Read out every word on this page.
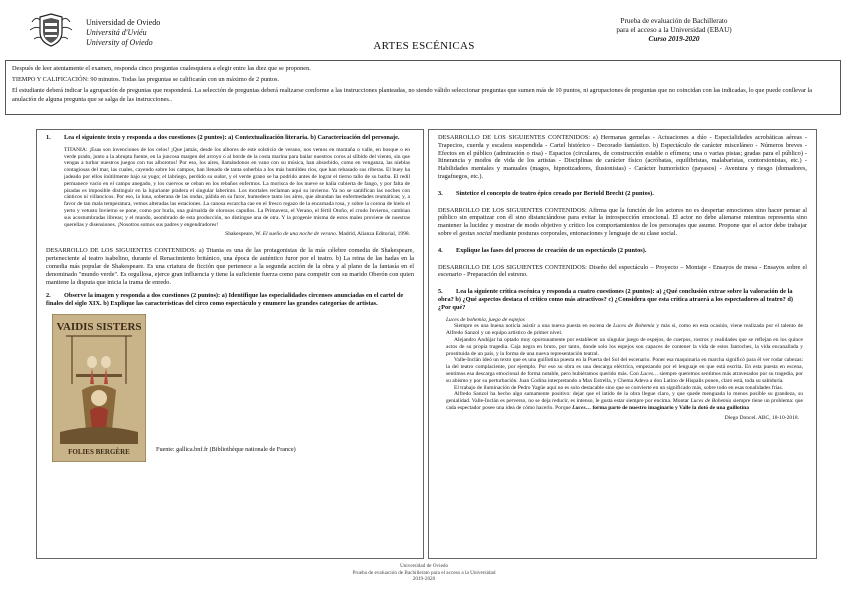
Universidad de Oviedo
Universitá d'Uviéu
University of Oviedo	ARTES ESCÉNICAS
Prueba de evaluación de Bachillerato
para el acceso a la Universidad (EBAU)
Curso 2019-2020

Después de leer atentamente el examen, responda cinco preguntas cualesquiera a elegir entre las diez que se proponen.

TIEMPO Y CALIFICACIÓN: 90 minutos. Todas las preguntas se calificarán con un máximo de 2 puntos.

El estudiante deberá indicar la agrupación de preguntas que responderá. La selección de preguntas deberá realizarse conforme a las instrucciones planteadas, no siendo válido seleccionar preguntas que sumen más de 10 puntos, ni agrupaciones de preguntas que no coincidan con las indicadas, lo que puede conllevar la anulación de alguna pregunta que se salga de las instrucciones..

1. Lea el siguiente texto y responda a dos cuestiones (2 puntos): a) Contextualización literaria. b) Caracterización del personaje.
TITANIA: ¡Esas son invenciones de los celos! ¡Que jamás, desde los albores de este solsticio de verano, nos vemos en montaña o valle, en bosque o en verde prado, junto a la abrupta fuente, en la juncosa margen del arroyo o al borde de la costa marina para bailar nuestros coros al silbido del viento, sin que vengas a turbar nuestros juegos con tus alborotos! Por eso, los aires, llamándonos en vano con su música, han absorbido, como en venganza, las nieblas contagiosas del mar, las cuales, cayendo sobre los campos, han llenado de tanta soberbia a los más humildes ríos, que han rebasado sus riberas. El buey ha jadeado por ellos inútilmente bajo su yugo; el labriego, perdido su sudor, y el verde grano se ha podrido antes de lograr el tierno tallo de su barba. El redil permanece vacío en el campo anegado, y los cuervos se ceban en los rebaños enfermos. La morisca de los nueve se halla cubierta de fango, y por falta de pisadas es imposible distinguir en la lujuriante pradera el singular laberinto. Los mortales reclaman aquí su invierno. Ya no se santifican las noches con cánticos ni villancicos. Por eso, la luna, soberana de las ondas, pálida en su furor, humedece tanto los aires, que abundan las enfermedades reumáticas; y, a favor de tan mala temperatura, vemos alteradas las estaciones. La canosa escarcha cae en el fresco regazo de la encarnada rosa, y sobre la corona de hielo el yerto y vetusto Invierno se pone, como por burla, una guirnalda de olorosos capullos. La Primavera, el Verano, el fértil Otoño, el crudo Invierno, cambian sus acostumbradas libreas; y el mundo, asombrado de esta producción, no distingue ana de otra. Y la progenie misma de estos males proviene de nuestras querellas y disensiones. ¡Nosotros somos sus padres y engendradores!
Shakespeare, W. El sueño de una noche de verano. Madrid, Alianza Editorial, 1998.
DESARROLLO DE LOS SIGUIENTES CONTENIDOS: a) Titania es una de las protagonistas de la más célebre comedia de Shakespeare, perteneciente al teatro isabelino, durante el Renacimiento británico, una época de auténtico furor por el teatro. b) La reina de las hadas en la comedia más popular de Shakespeare. Es una criatura de ficción que pertenece a la segunda acción de la obra y al plano de la fantasía en el denominado "mundo verde". Es orgullosa, ejerce gran influencia y tiene la suficiente fuerza como para competir con su marido Oberón con quien mantiene la disputa que inicia la trama de enredo.
2. Observe la imagen y responda a dos cuestiones (2 puntos): a) Identifique las especialidades circenses anunciadas en el cartel de finales del siglo XIX. b) Explique las características del circo como espectáculo y enumere las grandes categorías de artistas.
VAIDIS SISTERS
FOLIES BERGÈRE	Fuente: gallica.bnf.fr (Bibliothèque nationale de France)
DESARROLLO DE LOS SIGUIENTES CONTENIDOS: a) Hermanas gemelas - Actuaciones a dúo - Especialidades acrobáticas aéreas - Trapecios, cuerda y escalera suspendida - Cartel histórico - Decorado fantástico. b) Espectáculo de carácter misceláneo - Números breves - Efectos en el público (admiración o risa) - Espacios (circulares, de construcción estable o efímera; una o varias pistas; gradas para el público) - Itinerancia y modos de vida de los artistas - Disciplinas de carácter físico (acróbatas, equilibristas, malabaristas, contorsionistas, etc.) - Habilidades mentales y manuales (magos, hipnotizadores, ilusionistas) - Carácter humorístico (payasos) - Aventura y riesgo (domadores, tragafuegos, etc.).
3. Sintetice el concepto de teatro épico creado por Bertold Brecht (2 puntos).
DESARROLLO DE LOS SIGUIENTES CONTENIDOS: Afirma que la función de los actores no es despertar emociones sino hacer pensar al público sin empatizar con él sino distanciándose para evitar la introspección emocional. El actor no debe alienarse mientras representa sino mantener la lucidez y mostrar de modo objetivo y crítico los comportamientos de los personajes que asume. Propone que el actor debe trabajar sobre el gestus social mediante posturas corporales, entonaciones y lenguaje de su clase social.
4. Explique las fases del proceso de creación de un espectáculo (2 puntos).
DESARROLLO DE LOS SIGUIENTES CONTENIDOS: Diseño del espectáculo – Proyecto – Montaje - Ensayos de mesa - Ensayos sobre el escenario - Preparación del estreno.
5. Lea la siguiente crítica escénica y responda a cuatro cuestiones (2 puntos): a) ¿Qué conclusión extrae sobre la valoración de la obra? b) ¿Qué aspectos destaca el crítico como más atractivos? c) ¿Considera que esta crítica atraerá a los espectadores al teatro? d) ¿Por qué?
Luces de bohemia, juego de espejos
Siempre es una buena noticia asistir a una nueva puesta en escena de Luces de Bohemia y más si, como en esta ocasión, viene realizada por el talento de Alfredo Sanzol y un equipo artístico de primer nivel.
Alejandro Andújar ha optado muy oportunamente por establecer un singular juego de espejos, de cuerpos, rostros y realidades que se reflejan en los quince actos de su propia tragedia. Caja negra en bruto, por tanto, donde solo los espejos son capaces de contener la vida de estos fantoches, la vida encanallada y prostituida de un país, y la forma de una nueva representación teatral.
Valle-Inclán ideó un texto que es una guillotina puesta en la Puerta del Sol del escenario. Poner esa maquinaria en marcha significó para él ver rodar cabezas: la del teatro complaciente, por ejemplo. Por eso su obra es una descarga eléctrica, empezando por el lenguaje en que está escrita. En esta puesta en escena, sentimos esa descarga emocional de forma notable, pero hubiéramos querido más. Con Luces… siempre queremos sentimos más atravesados por su tragedia, por su abismo y por su perturbación. Juan Codina interpretando a Max Estrella, y Chema Adeva a don Latino de Hispalis ponen, claro está, toda su sabiduría.
El trabajo de iluminación de Pedro Yagüe aquí no es solo destacable sino que se convierte en un significado más, sobre todo en esas tonalidades frías.
Alfredo Sanzol ha hecho algo sumamente positivo: dejar que el latido de la obra llegue claro, y que quede menguada lo menos posible su grandeza, su genialidad. Valle-Inclán es perverso, no se deja reducir, es intenso, le gusta estar siempre por encima. Montar Luces de Bohemia siempre tiene un problema: que cada espectador posee una idea de cómo hacerlo. Porque Luces… forma parte de nuestro imaginario y Valle la dotó de una guillotina
Diego Doncel. ABC, 18-10-2018.
Universidad de Oviedo
Prueba de evaluación de Bachillerato para el acceso a la Universidad
2019-2020
